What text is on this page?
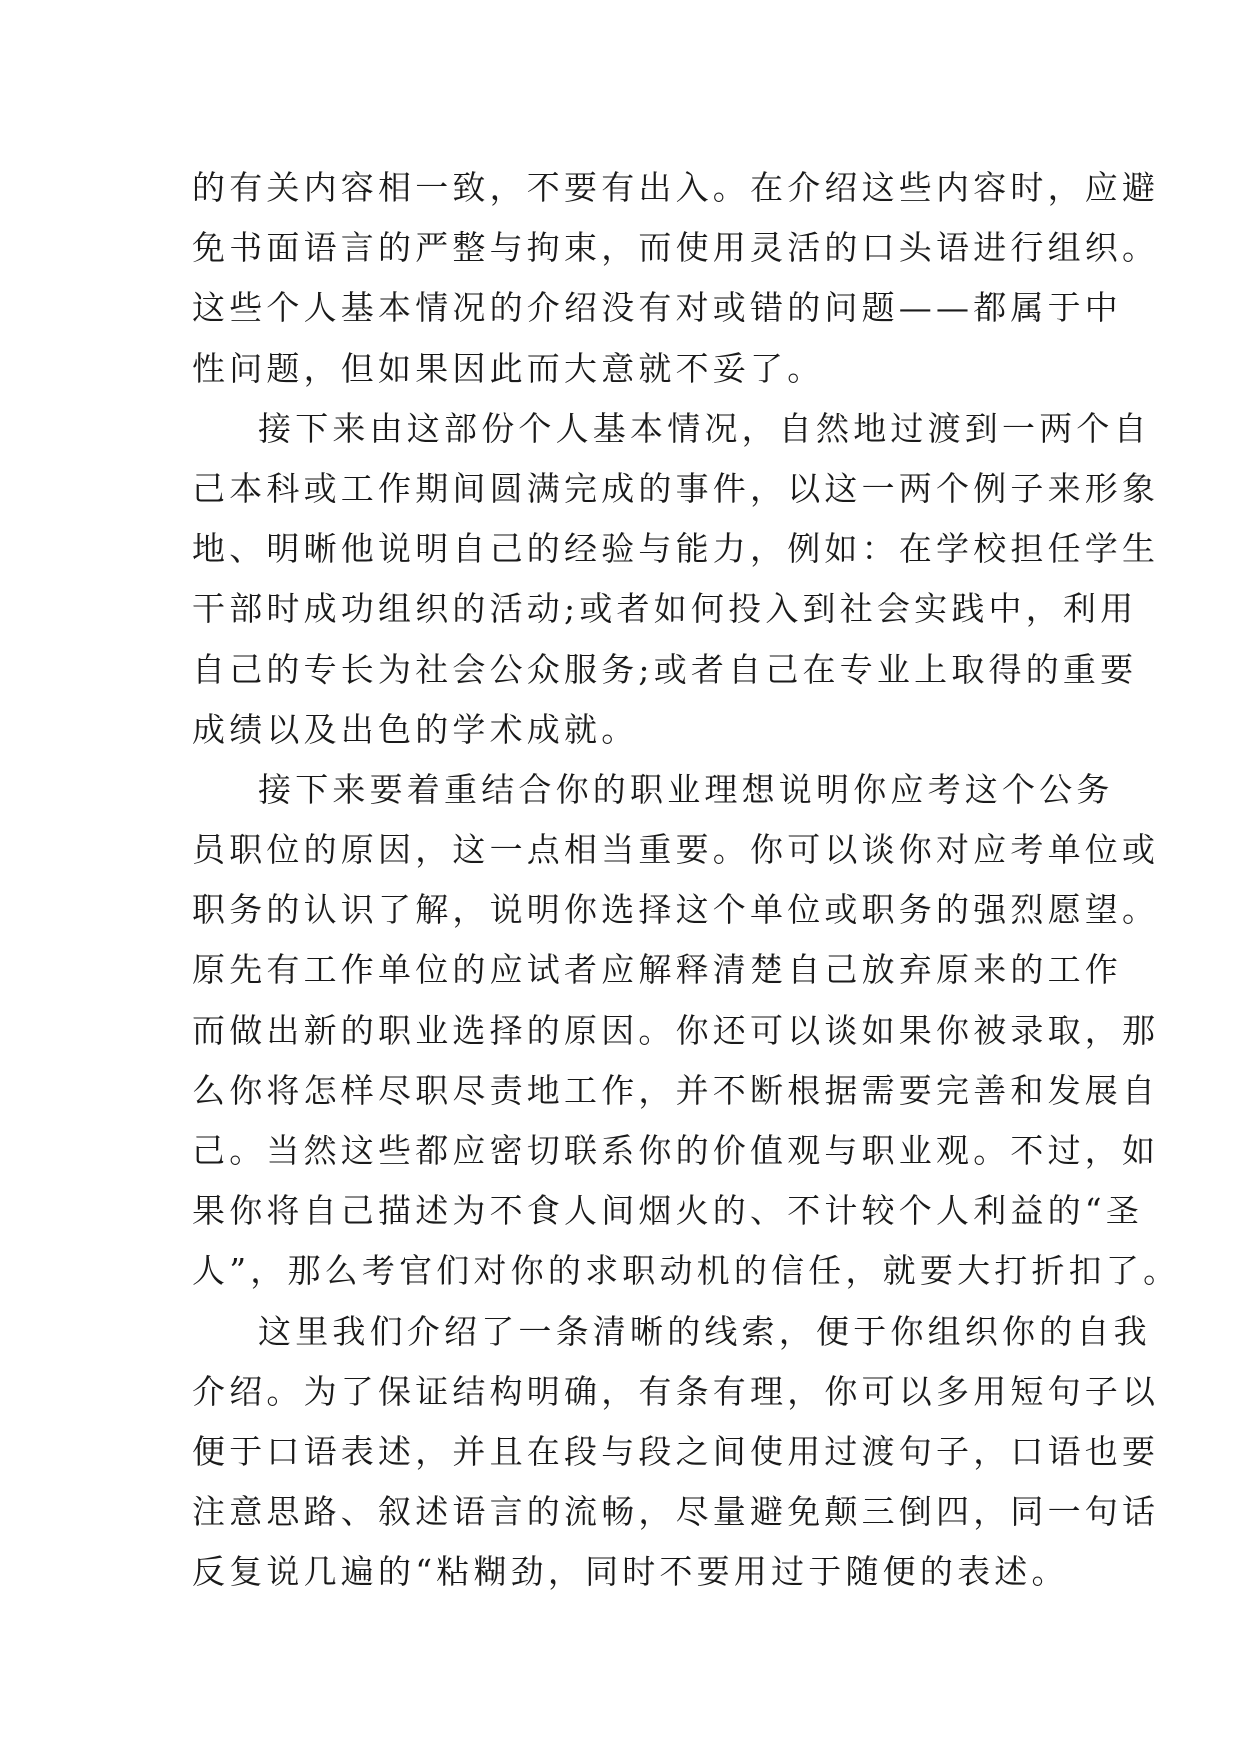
的有关内容相一致，不要有出入。在介绍这些内容时，应避
免书面语言的严整与拘束，而使用灵活的口头语进行组织。
这些个人基本情况的介绍没有对或错的问题——都属于中
性问题，但如果因此而大意就不妥了。
接下来由这部份个人基本情况，自然地过渡到一两个自
己本科或工作期间圆满完成的事件，以这一两个例子来形象
地、明晰他说明自己的经验与能力，例如：在学校担任学生
干部时成功组织的活动;或者如何投入到社会实践中，利用
自己的专长为社会公众服务;或者自己在专业上取得的重要
成绩以及出色的学术成就。
接下来要着重结合你的职业理想说明你应考这个公务
员职位的原因，这一点相当重要。你可以谈你对应考单位或
职务的认识了解，说明你选择这个单位或职务的强烈愿望。
原先有工作单位的应试者应解释清楚自己放弃原来的工作
而做出新的职业选择的原因。你还可以谈如果你被录取，那
么你将怎样尽职尽责地工作，并不断根据需要完善和发展自
己。当然这些都应密切联系你的价值观与职业观。不过，如
果你将自己描述为不食人间烟火的、不计较个人利益的“圣
人”，那么考官们对你的求职动机的信任，就要大打折扣了。
这里我们介绍了一条清晰的线索，便于你组织你的自我
介绍。为了保证结构明确，有条有理，你可以多用短句子以
便于口语表述，并且在段与段之间使用过渡句子，口语也要
注意思路、叙述语言的流畅，尽量避免颠三倒四，同一句话
反复说几遍的“粘糊劲，同时不要用过于随便的表述。
